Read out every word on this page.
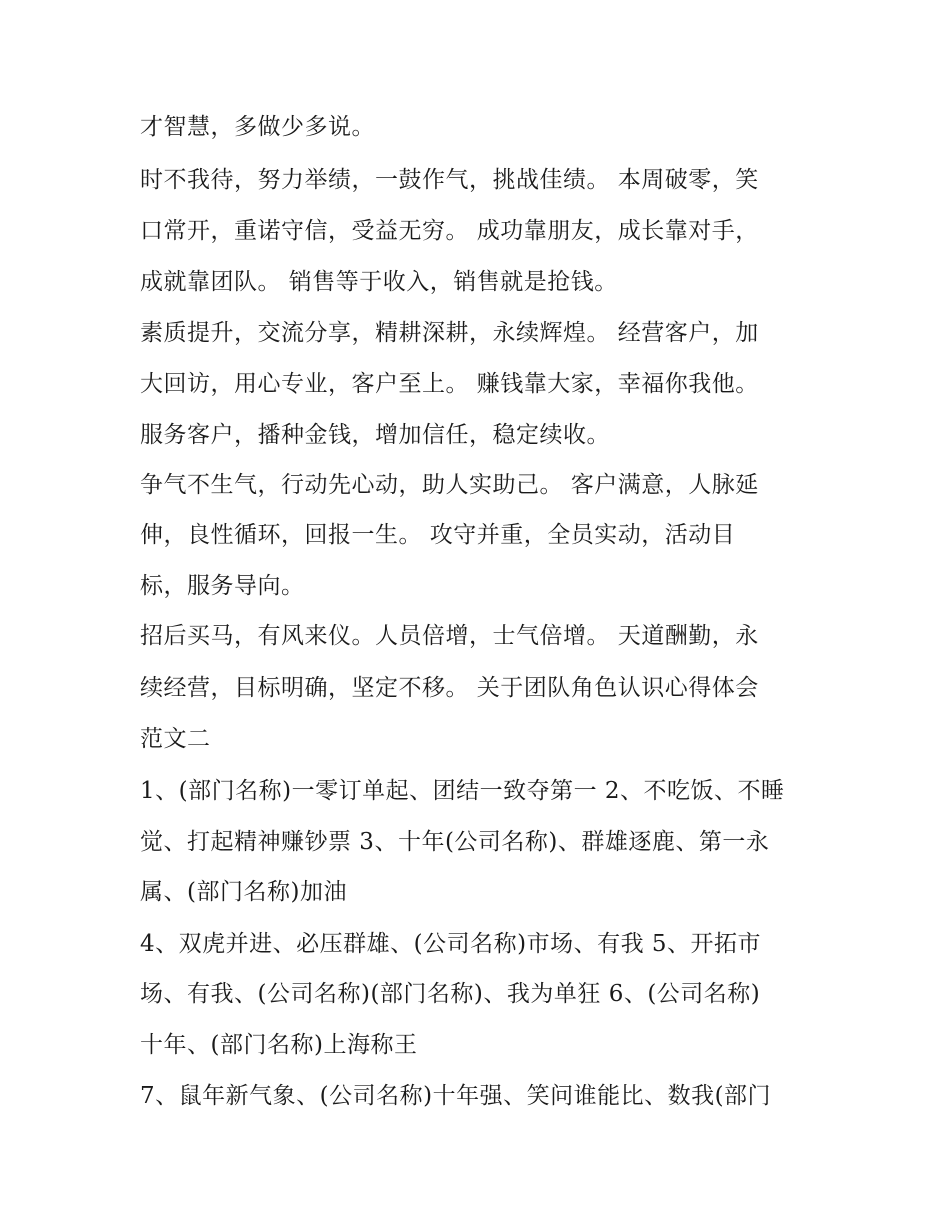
才智慧，多做少多说。
时不我待，努力举绩，一鼓作气，挑战佳绩。 本周破零，笑
口常开，重诺守信，受益无穷。 成功靠朋友，成长靠对手，
成就靠团队。 销售等于收入，销售就是抢钱。
素质提升，交流分享，精耕深耕，永续辉煌。 经营客户，加
大回访，用心专业，客户至上。 赚钱靠大家，幸福你我他。
服务客户，播种金钱，增加信任，稳定续收。
争气不生气，行动先心动，助人实助己。 客户满意，人脉延
伸，良性循环，回报一生。 攻守并重，全员实动，活动目
标，服务导向。
招后买马，有风来仪。人员倍增，士气倍增。 天道酬勤，永
续经营，目标明确，坚定不移。 关于团队角色认识心得体会
范文二
1、(部门名称)一零订单起、团结一致夺第一 2、不吃饭、不睡
觉、打起精神赚钞票 3、十年(公司名称)、群雄逐鹿、第一永
属、(部门名称)加油
4、双虎并进、必压群雄、(公司名称)市场、有我 5、开拓市
场、有我、(公司名称)(部门名称)、我为单狂 6、(公司名称)
十年、(部门名称)上海称王
7、鼠年新气象、(公司名称)十年强、笑问谁能比、数我(部门
